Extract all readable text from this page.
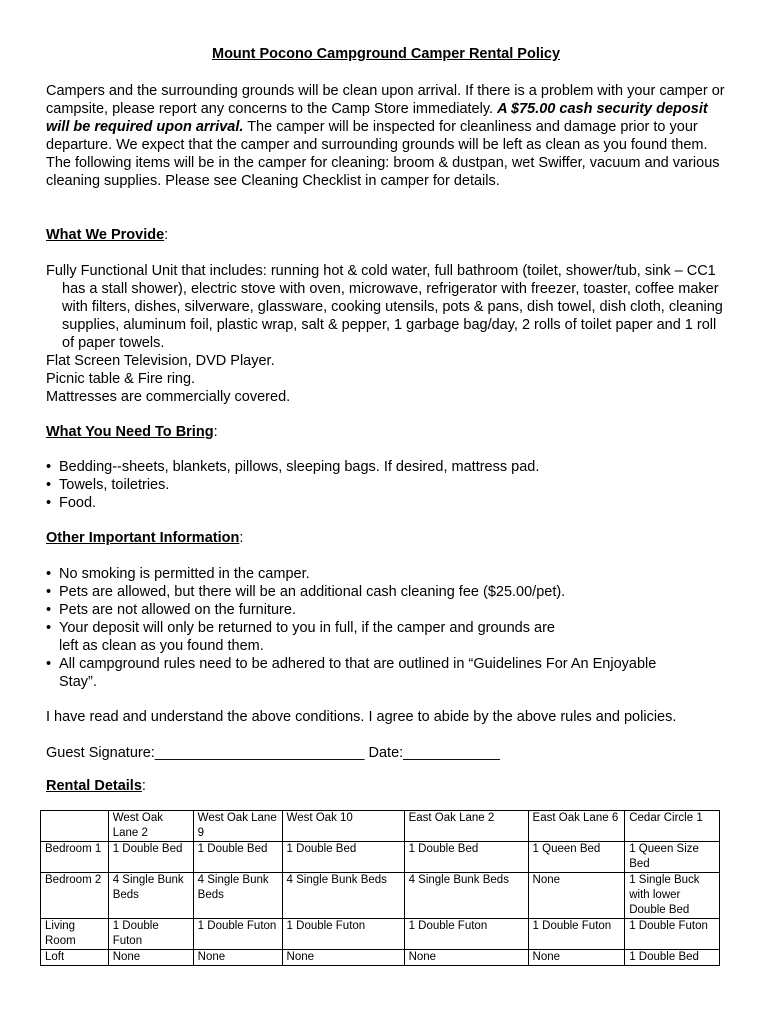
Mount Pocono Campground Camper Rental Policy

Campers and the surrounding grounds will be clean upon arrival. If there is a problem with your camper or campsite, please report any concerns to the Camp Store immediately. A $75.00 cash security deposit will be required upon arrival. The camper will be inspected for cleanliness and damage prior to your departure. We expect that the camper and surrounding grounds will be left as clean as you found them. The following items will be in the camper for cleaning: broom & dustpan, wet Swiffer, vacuum and various cleaning supplies. Please see Cleaning Checklist in camper for details.

What We Provide:

Fully Functional Unit that includes: running hot & cold water, full bathroom (toilet, shower/tub, sink – CC1 has a stall shower), electric stove with oven, microwave, refrigerator with freezer, toaster, coffee maker with filters, dishes, silverware, glassware, cooking utensils, pots & pans, dish towel, dish cloth, cleaning supplies, aluminum foil, plastic wrap, salt & pepper, 1 garbage bag/day, 2 rolls of toilet paper and 1 roll of paper towels.

Flat Screen Television, DVD Player.

Picnic table & Fire ring.

Mattresses are commercially covered.

What You Need To Bring:
• Bedding--sheets, blankets, pillows, sleeping bags. If desired, mattress pad.
• Towels, toiletries.
• Food.
Other Important Information:
• No smoking is permitted in the camper.
• Pets are allowed, but there will be an additional cash cleaning fee ($25.00/pet).
• Pets are not allowed on the furniture.
• Your deposit will only be returned to you in full, if the camper and grounds are left as clean as you found them.
• All campground rules need to be adhered to that are outlined in “Guidelines For An Enjoyable Stay”.

I have read and understand the above conditions. I agree to abide by the above rules and policies.

Guest Signature:__________________________ Date:____________

Rental Details:
	West Oak Lane 2	West Oak Lane 9	West Oak 10	East Oak Lane 2	East Oak Lane 6	Cedar Circle 1
Bedroom 1	1 Double Bed	1 Double Bed	1 Double Bed	1 Double Bed	1 Queen Bed	1 Queen Size Bed
Bedroom 2	4 Single Bunk Beds	4 Single Bunk Beds	4 Single Bunk Beds	4 Single Bunk Beds	None	1 Single Buck with lower Double Bed
Living Room	1 Double Futon	1 Double Futon	1 Double Futon	1 Double Futon	1 Double Futon	1 Double Futon
Loft	None	None	None	None	None	1 Double Bed
